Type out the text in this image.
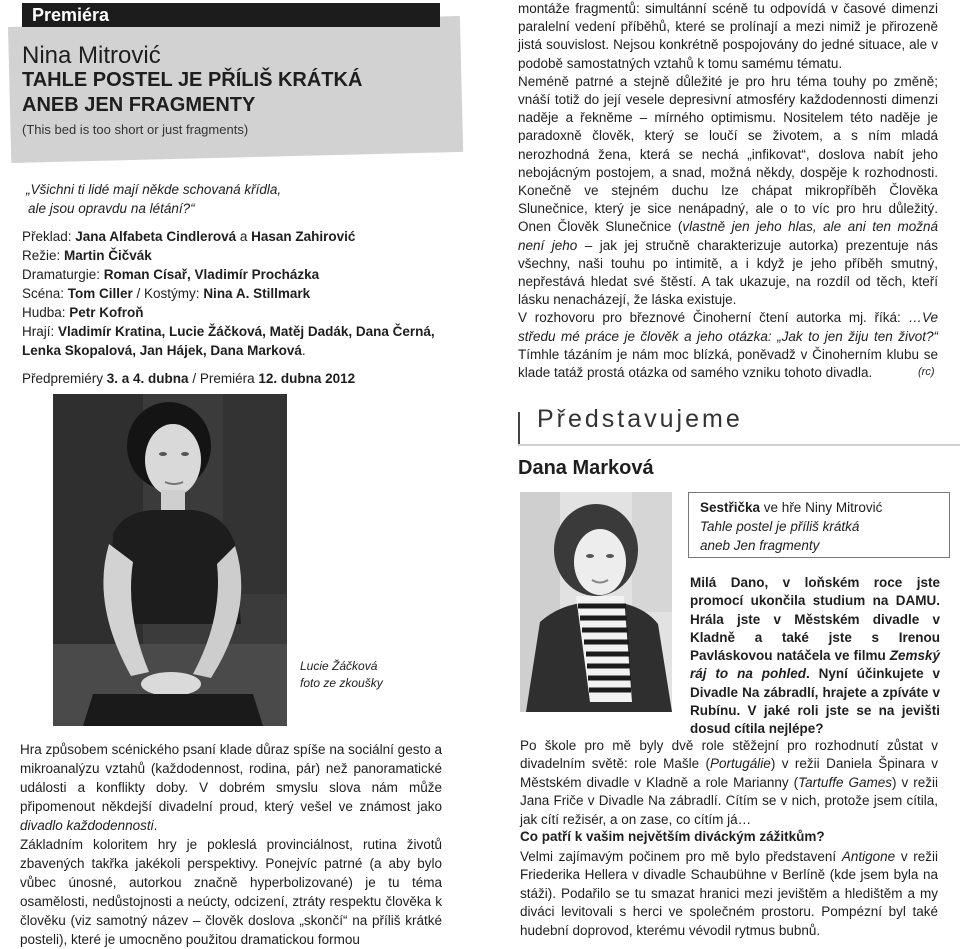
Premiéra
Nina Mitrović
TAHLE POSTEL JE PŘÍLIŠ KRÁTKÁ
ANEB JEN FRAGMENTY
(This bed is too short or just fragments)
„Všichni ti lidé mají někde schovaná křídla,
ale jsou opravdu na létání?“

Překlad: Jana Alfabeta Cindlerová a Hasan Zahirović

Režie: Martin Čičvák

Dramaturgie: Roman Císař, Vladimír Procházka

Scéna: Tom Ciller / Kostýmy: Nina A. Stillmark

Hudba: Petr Kofroň

Hrají: Vladimír Kratina, Lucie Žáčková, Matěj Dadák, Dana Černá,

Lenka Skopalová, Jan Hájek, Dana Marková.

Předpremiéry 3. a 4. dubna / Premiéra 12. dubna 2012

Lucie Žáčková
foto ze zkoušky

Hra způsobem scénického psaní klade důraz spíše na sociální gesto a mikroanalýzu vztahů (každodennost, rodina, pár) než panoramatické události a konflikty doby. V dobrém smyslu slova nám může připomenout někdejší divadelní proud, který vešel ve známost jako divadlo každodennosti.

Základním koloritem hry je pokleslá provinciálnost, rutina životů zbavených takřka jakékoli perspektivy. Ponejvíc patrné (a aby bylo vůbec únosné, autorkou značně hyperbolizované) je tu téma osamělosti, nedůstojnosti a neúcty, odcizení, ztráty respektu člověka k člověku (viz samotný název – člověk doslova „skončí“ na příliš krátké posteli), které je umocněno použitou dramatickou formou

montáže fragmentů: simultánní scéně tu odpovídá v časové dimenzi paralelní vedení příběhů, které se prolínají a mezi nimiž je přirozeně jistá souvislost. Nejsou konkrétně pospojovány do jedné situace, ale v podobě samostatných vztahů k tomu samému tématu.

Neméně patrné a stejně důležité je pro hru téma touhy po změně; vnáší totiž do její vesele depresivní atmosféry každodennosti dimenzi naděje a řekněme – mírného optimismu. Nositelem této naděje je paradoxně člověk, který se loučí se životem, a s ním mladá nerozhodná žena, která se nechá „infikovat“, doslova nabít jeho nebojácným postojem, a snad, možná někdy, dospěje k rozhodnosti. Konečně ve stejném duchu lze chápat mikropříběh Člověka Slunečnice, který je sice nenápadný, ale o to víc pro hru důležitý. Onen Člověk Slunečnice (vlastně jen jeho hlas, ale ani ten možná není jeho – jak jej stručně charakterizuje autorka) prezentuje nás všechny, naši touhu po intimitě, a i když je jeho příběh smutný, nepřestává hledat své štěstí. A tak ukazuje, na rozdíl od těch, kteří lásku nenacházejí, že láska existuje.

V rozhovoru pro březnové Činoherní čtení autorka mj. říká: …Ve středu mé práce je člověk a jeho otázka: „Jak to jen žiju ten život?“ Tímhle tázáním je nám moc blízká, poněvadž v Činoherním klubu se klade tatáž prostá otázka od samého vzniku tohoto divadla.	(rc)
Představujeme
Dana Marková
Sestřička ve hře Niny Mitrović
Tahle postel je příliš krátká
aneb Jen fragmenty
Milá Dano, v loňském roce jste promocí ukončila studium na DAMU. Hrála jste v Městském divadle v Kladně a také jste s Irenou Pavláskovou natáčela ve filmu Zemský ráj to na pohled. Nyní účinkujete v Divadle Na zábradlí, hrajete a zpíváte v Rubínu. V jaké roli jste se na jevišti dosud cítila nejlépe?
Po škole pro mě byly dvě role stěžejní pro rozhodnutí zůstat v divadelním světě: role Mašle (Portugálie) v režii Daniela Špinara v Městském divadle v Kladně a role Marianny (Tartuffe Games) v režii Jana Friče v Divadle Na zábradlí. Cítím se v nich, protože jsem cítila, jak cítí režisér, a on zase, co cítím já…
Co patří k vašim největším diváckým zážitkům?
Velmi zajímavým počinem pro mě bylo představení Antigone v režii Friederika Hellera v divadle Schaubühne v Berlíně (kde jsem byla na stáži). Podařilo se tu smazat hranici mezi jevištěm a hledištěm a my diváci levitovali s herci ve společném prostoru. Pompézní byl také hudební doprovod, kterému vévodil rytmus bubnů.
